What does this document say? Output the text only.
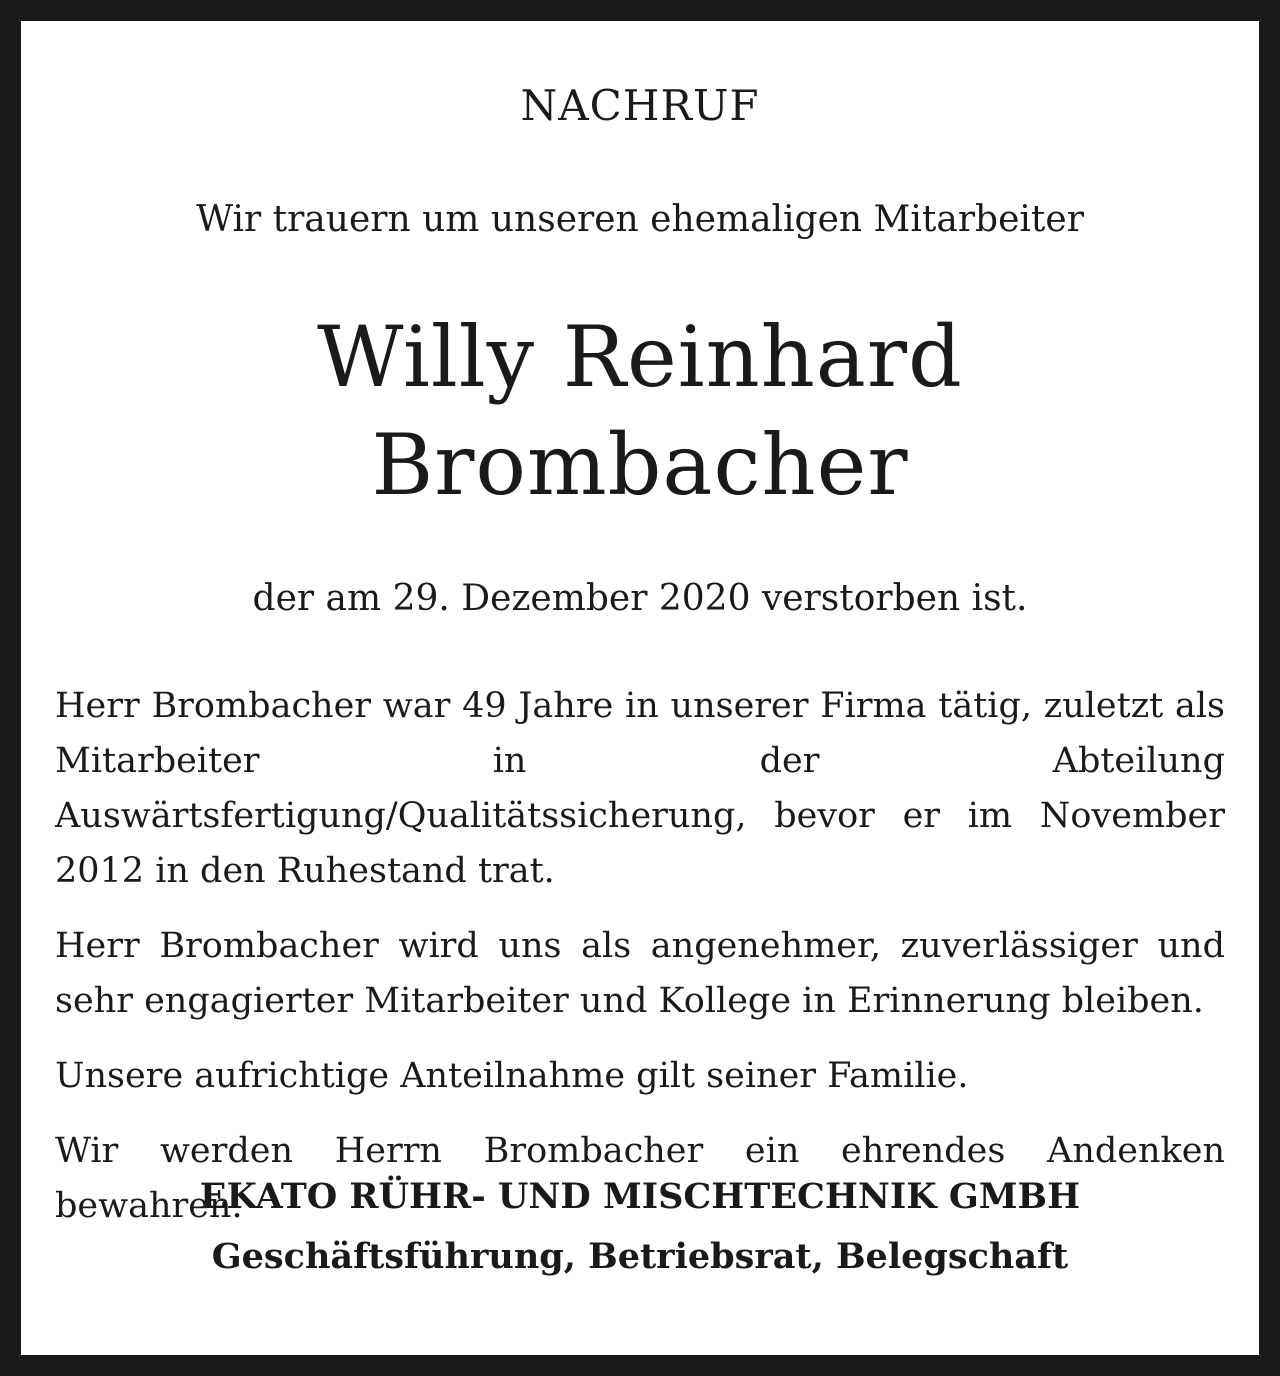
NACHRUF
Wir trauern um unseren ehemaligen Mitarbeiter
Willy Reinhard
Brombacher
der am 29. Dezember 2020 verstorben ist.

Herr Brombacher war 49 Jahre in unserer Firma tätig, zuletzt als Mitarbeiter in der Abteilung Auswärtsfertigung/Qualitätssicherung, bevor er im November 2012 in den Ruhestand trat.

Herr Brombacher wird uns als angenehmer, zuverlässiger und sehr engagierter Mitarbeiter und Kollege in Erinnerung bleiben.

Unsere aufrichtige Anteilnahme gilt seiner Familie.

Wir werden Herrn Brombacher ein ehrendes Andenken bewahren.

EKATO RÜHR- UND MISCHTECHNIK GMBH
Geschäftsführung, Betriebsrat, Belegschaft
